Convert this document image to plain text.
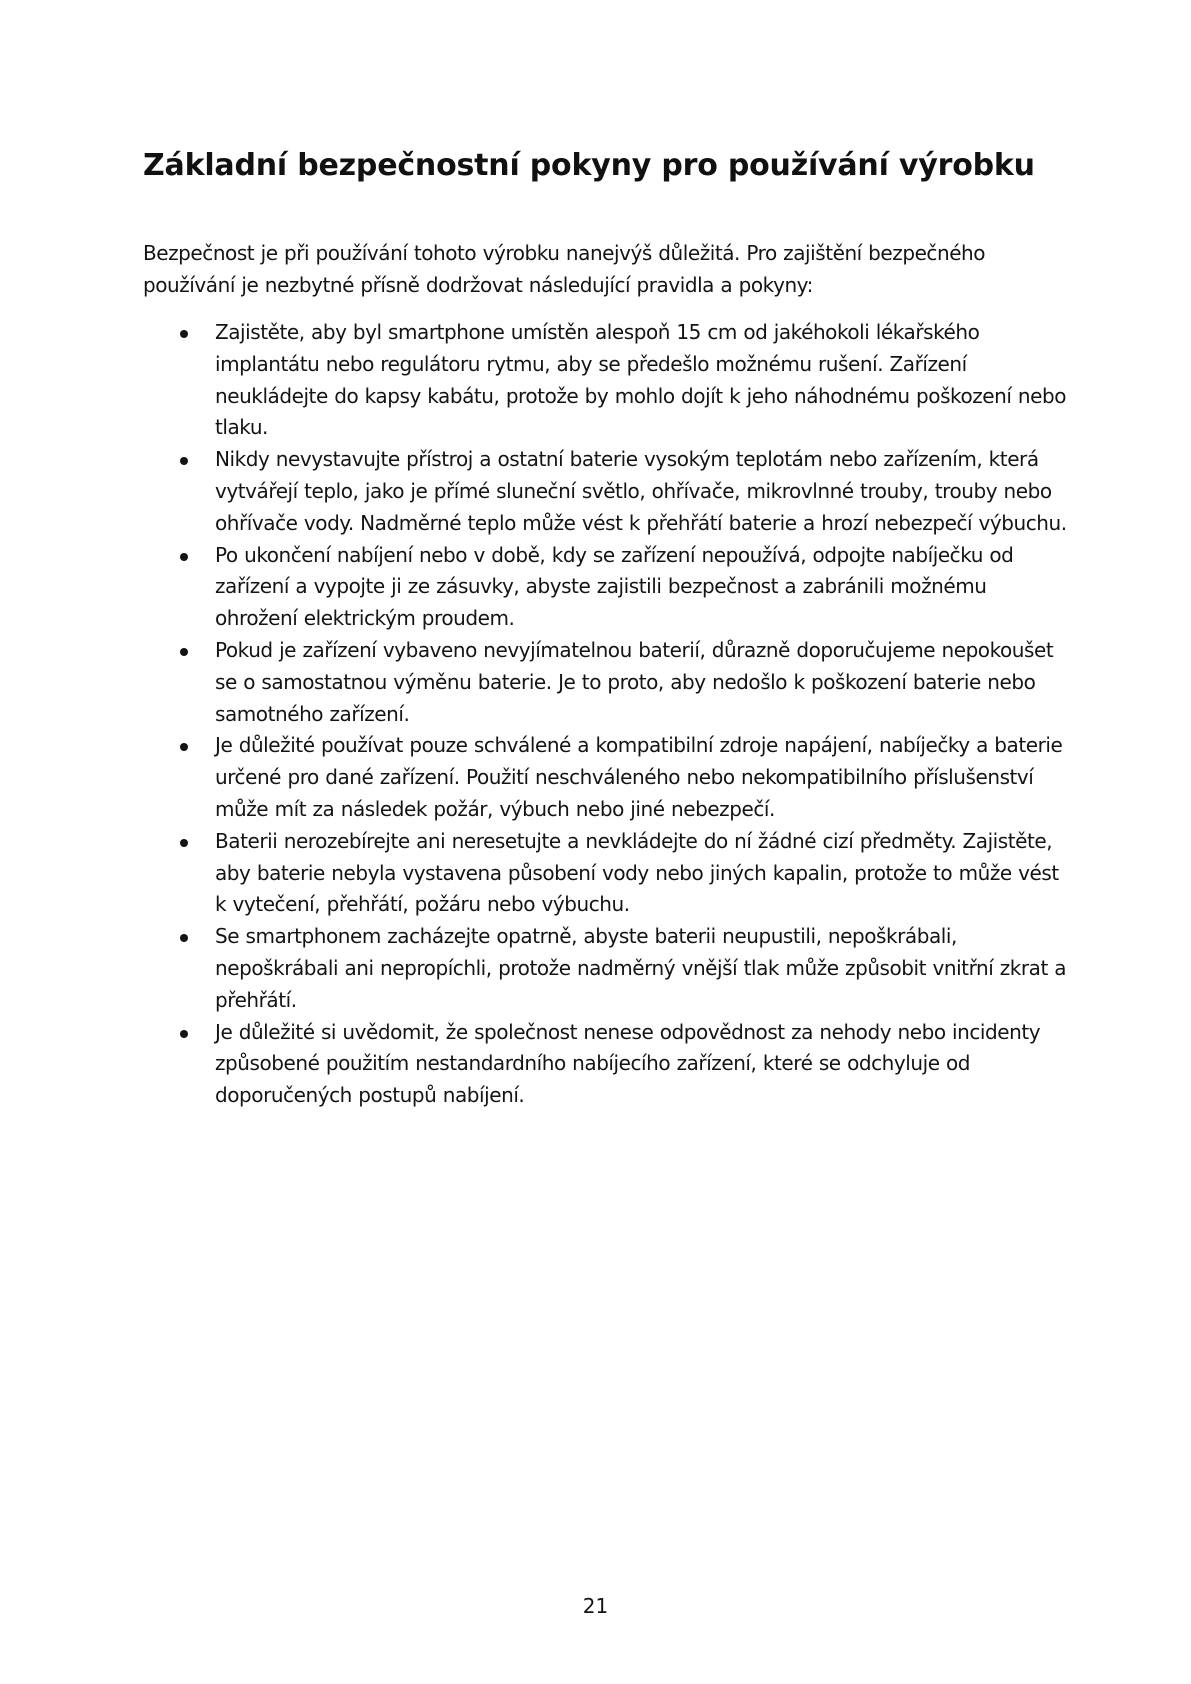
Základní bezpečnostní pokyny pro používání výrobku

Bezpečnost je při používání tohoto výrobku nanejvýš důležitá. Pro zajištění bezpečného používání je nezbytné přísně dodržovat následující pravidla a pokyny:

Zajistěte, aby byl smartphone umístěn alespoň 15 cm od jakéhokoli lékařského implantátu nebo regulátoru rytmu, aby se předešlo možnému rušení. Zařízení neukládejte do kapsy kabátu, protože by mohlo dojít k jeho náhodnému poškození nebo tlaku.
Nikdy nevystavujte přístroj a ostatní baterie vysokým teplotám nebo zařízením, která vytvářejí teplo, jako je přímé sluneční světlo, ohřívače, mikrovlnné trouby, trouby nebo ohřívače vody. Nadměrné teplo může vést k přehřátí baterie a hrozí nebezpečí výbuchu.
Po ukončení nabíjení nebo v době, kdy se zařízení nepoužívá, odpojte nabíječku od zařízení a vypojte ji ze zásuvky, abyste zajistili bezpečnost a zabránili možnému ohrožení elektrickým proudem.
Pokud je zařízení vybaveno nevyjímatelnou baterií, důrazně doporučujeme nepokoušet se o samostatnou výměnu baterie. Je to proto, aby nedošlo k poškození baterie nebo samotného zařízení.
Je důležité používat pouze schválené a kompatibilní zdroje napájení, nabíječky a baterie určené pro dané zařízení. Použití neschváleného nebo nekompatibilního příslušenství může mít za následek požár, výbuch nebo jiné nebezpečí.
Baterii nerozebírejte ani neresetujte a nevkládejte do ní žádné cizí předměty. Zajistěte, aby baterie nebyla vystavena působení vody nebo jiných kapalin, protože to může vést k vytečení, přehřátí, požáru nebo výbuchu.
Se smartphonem zacházejte opatrně, abyste baterii neupustili, nepoškrábali, nepoškrábali ani nepropíchli, protože nadměrný vnější tlak může způsobit vnitřní zkrat a přehřátí.
Je důležité si uvědomit, že společnost nenese odpovědnost za nehody nebo incidenty způsobené použitím nestandardního nabíjecího zařízení, které se odchyluje od doporučených postupů nabíjení.
21
